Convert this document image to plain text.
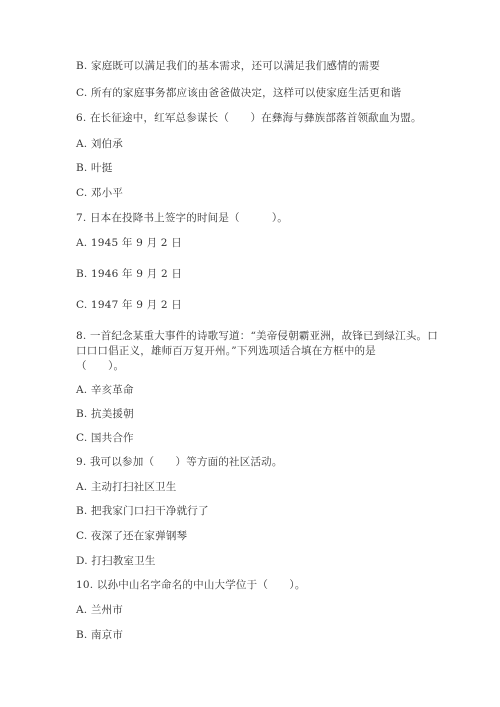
B. 家庭既可以满足我们的基本需求，还可以满足我们感情的需要
C. 所有的家庭事务都应该由爸爸做决定，这样可以使家庭生活更和谐
6. 在长征途中，红军总参谋长（　　）在彝海与彝族部落首领歃血为盟。
A. 刘伯承
B. 叶挺
C. 邓小平
7. 日本在投降书上签字的时间是（　　　）。
A. 1945 年 9 月 2 日
B. 1946 年 9 月 2 日
C. 1947 年 9 月 2 日
8. 一首纪念某重大事件的诗歌写道：“美帝侵朝霸亚洲，故锋已到绿江头。口
口口口倡正义，雄师百万复开州。”下列选项适合填在方框中的是
（　　）。
A. 辛亥革命
B. 抗美援朝
C. 国共合作
9. 我可以参加（　　）等方面的社区活动。
A. 主动打扫社区卫生
B. 把我家门口扫干净就行了
C. 夜深了还在家弹钢琴
D. 打扫教室卫生
10. 以孙中山名字命名的中山大学位于（　　）。
A. 兰州市
B. 南京市
